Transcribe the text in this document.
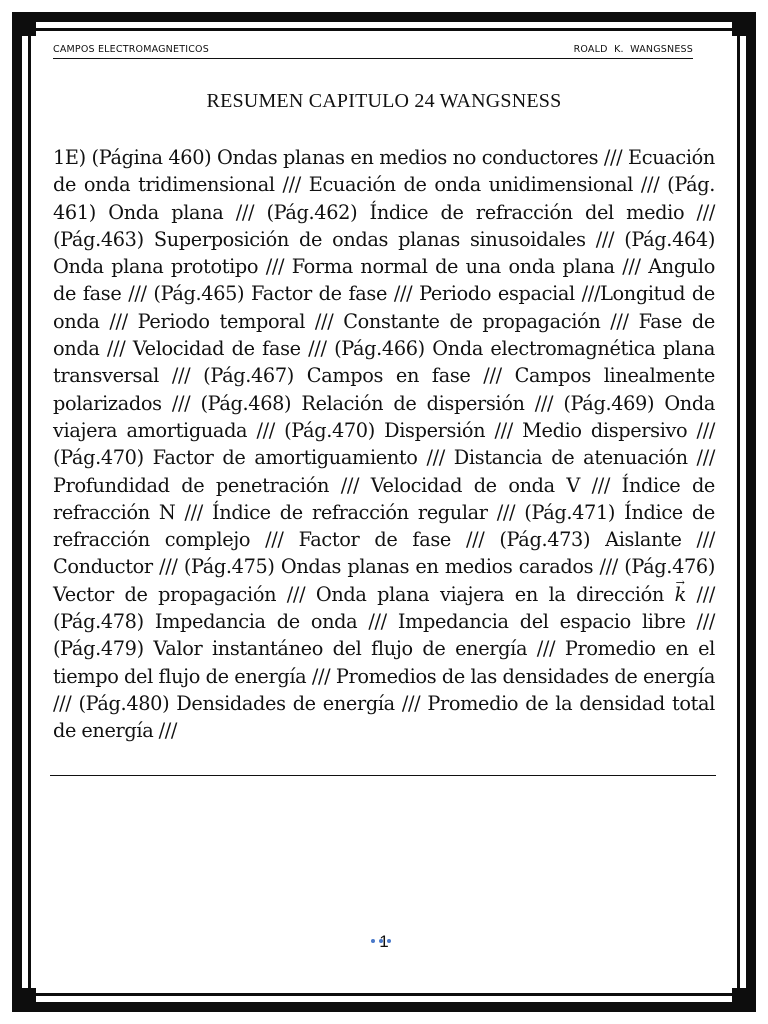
CAMPOS ELECTROMAGNETICOS	ROALD  K.  WANGSNESS
RESUMEN CAPITULO 24 WANGSNESS
1E) (Página 460) Ondas planas en medios no conductores /// Ecuación de onda tridimensional /// Ecuación de onda unidimensional /// (Pág. 461) Onda plana /// (Pág.462) Índice de refracción del medio /// (Pág.463) Superposición de ondas planas sinusoidales /// (Pág.464) Onda plana prototipo /// Forma normal de una onda plana /// Angulo de fase /// (Pág.465) Factor de fase /// Periodo espacial ///Longitud de onda /// Periodo temporal /// Constante de propagación /// Fase de onda /// Velocidad de fase /// (Pág.466) Onda electromagnética plana transversal /// (Pág.467) Campos en fase /// Campos linealmente polarizados /// (Pág.468) Relación de dispersión /// (Pág.469) Onda viajera amortiguada /// (Pág.470) Dispersión /// Medio dispersivo /// (Pág.470) Factor de amortiguamiento /// Distancia de atenuación /// Profundidad de penetración /// Velocidad de onda V /// Índice de refracción N /// Índice de refracción regular /// (Pág.471) Índice de refracción complejo /// Factor de fase /// (Pág.473) Aislante /// Conductor /// (Pág.475) Ondas planas en medios carados /// (Pág.476) Vector de propagación /// Onda plana viajera en la dirección → k /// (Pág.478) Impedancia de onda /// Impedancia del espacio libre /// (Pág.479) Valor instantáneo del flujo de energía /// Promedio en el tiempo del flujo de energía /// Promedios de las densidades de energía /// (Pág.480) Densidades de energía /// Promedio de la densidad total de energía ///
1
